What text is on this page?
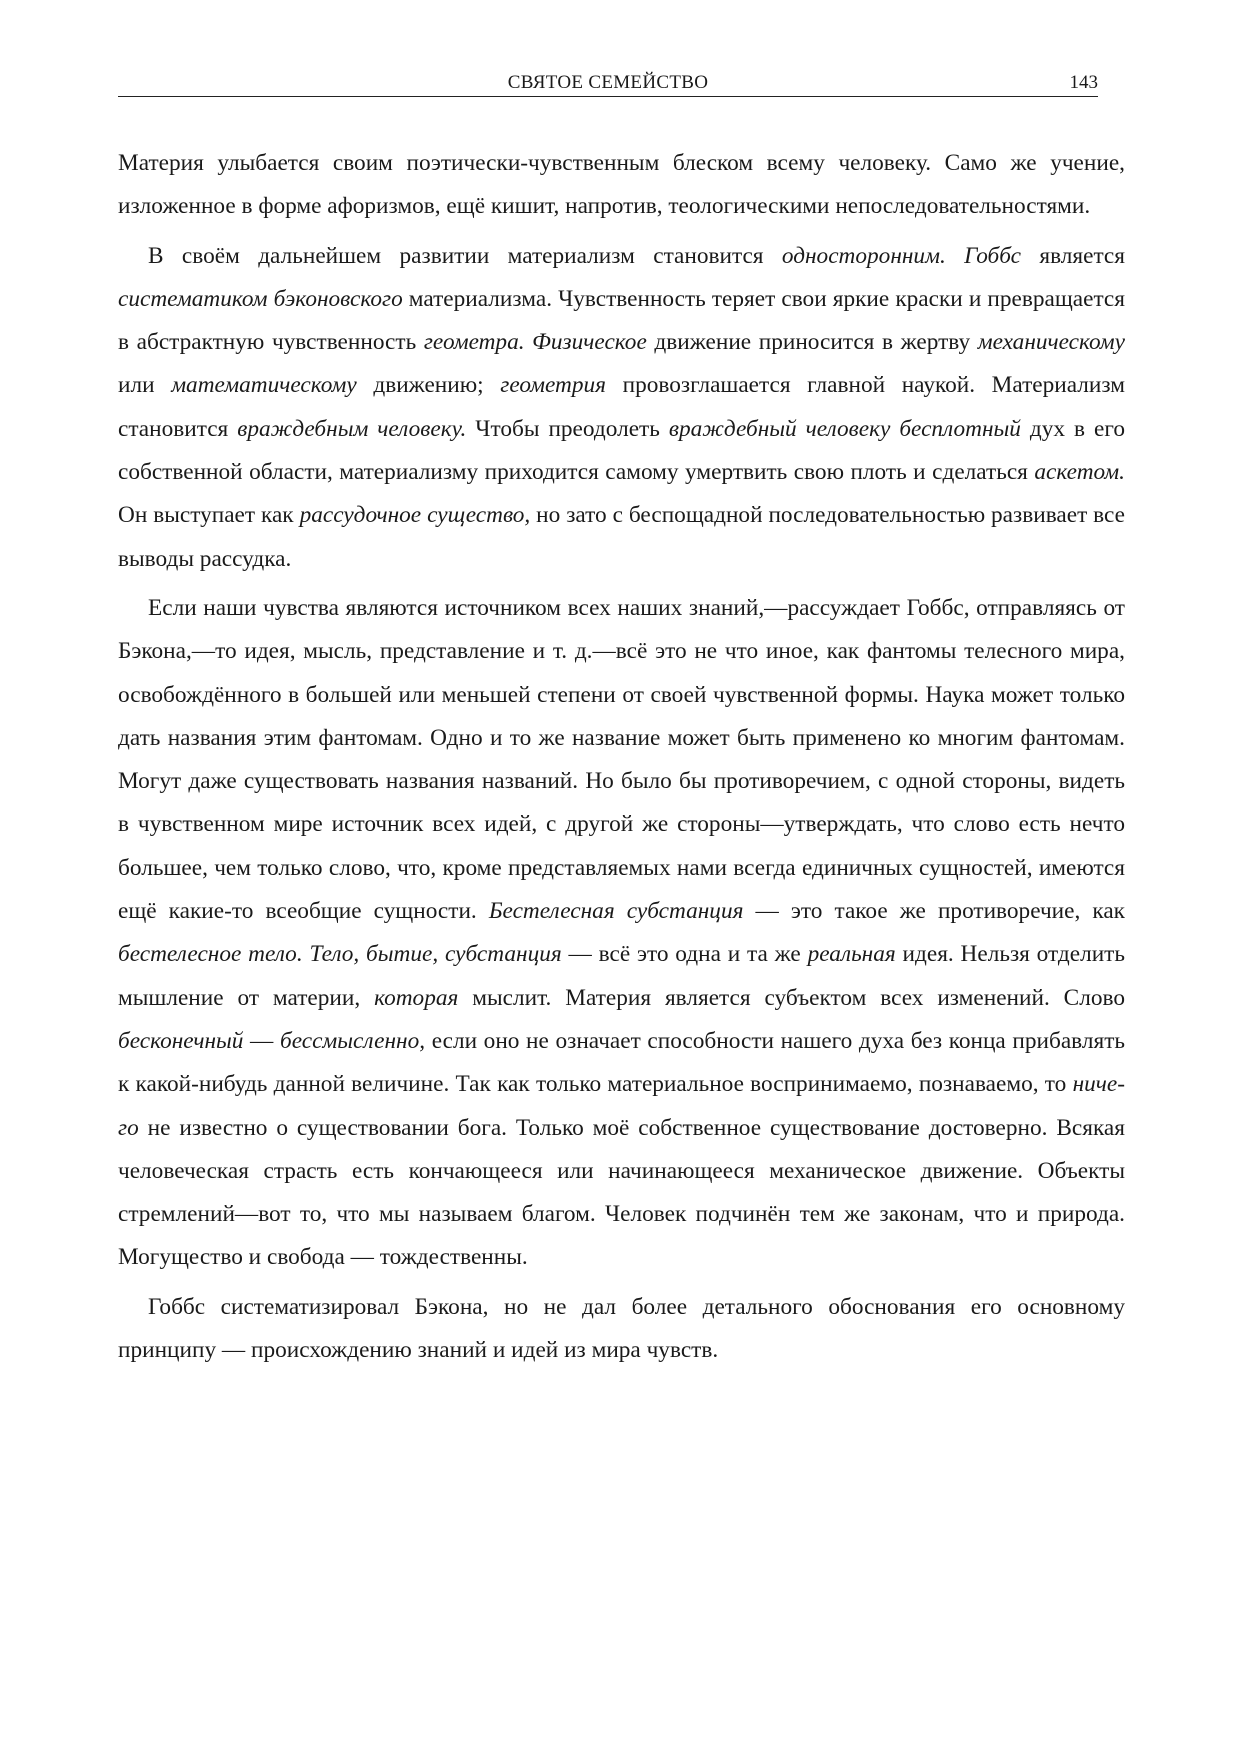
СВЯТОЕ СЕМЕЙСТВО	143

Материя улыбается своим поэтически-чувственным блеском всему человеку. Само же учение, изложенное в форме афоризмов, ещё кишит, напротив, теологическими непоследовательностями.

В своём дальнейшем развитии материализм становится односторонним. Гоббс является систематиком бэконовского материализма. Чувственность теряет свои яркие краски и превращается в абстрактную чувственность геометра. Физическое движение приносится в жертву механическому или математическому движению; геометрия провозглашается главной наукой. Материализм становится враждебным человеку. Чтобы преодолеть враждебный человеку бесплотный дух в его собственной области, материализму приходится самому умертвить свою плоть и сделаться аскетом. Он выступает как рассудочное существо, но зато с беспощадной последовательностью развивает все выводы рассудка.

Если наши чувства являются источником всех наших знаний,—рассуждает Гоббс, отправляясь от Бэкона,—то идея, мысль, представление и т. д.—всё это не что иное, как фантомы телесного мира, освобождённого в большей или меньшей степени от своей чувственной формы. Наука может только дать названия этим фантомам. Одно и то же название может быть применено ко многим фантомам. Могут даже существовать названия названий. Но было бы противоречием, с одной стороны, видеть в чувственном мире источник всех идей, с другой же стороны—утверждать, что слово есть нечто большее, чем только слово, что, кроме представляемых нами всегда единичных сущностей, имеются ещё какие-то всеобщие сущности. Бестелесная субстанция — это такое же противоречие, как бестелесное тело. Тело, бытие, субстанция — всё это одна и та же реальная идея. Нельзя отделить мышление от материи, которая мыслит. Материя является субъектом всех изменений. Слово бесконечный — бессмысленно, если оно не означает способности нашего духа без конца прибавлять к какой-нибудь данной величине. Так как только материальное воспринимаемо, познаваемо, то ничего не известно о существовании бога. Только моё собственное существование достоверно. Всякая человеческая страсть есть кончающееся или начинающееся механическое движение. Объекты стремлений—вот то, что мы называем благом. Человек подчинён тем же законам, что и природа. Могущество и свобода — тождественны.

Гоббс систематизировал Бэкона, но не дал более детального обоснования его основному принципу — происхождению знаний и идей из мира чувств.
